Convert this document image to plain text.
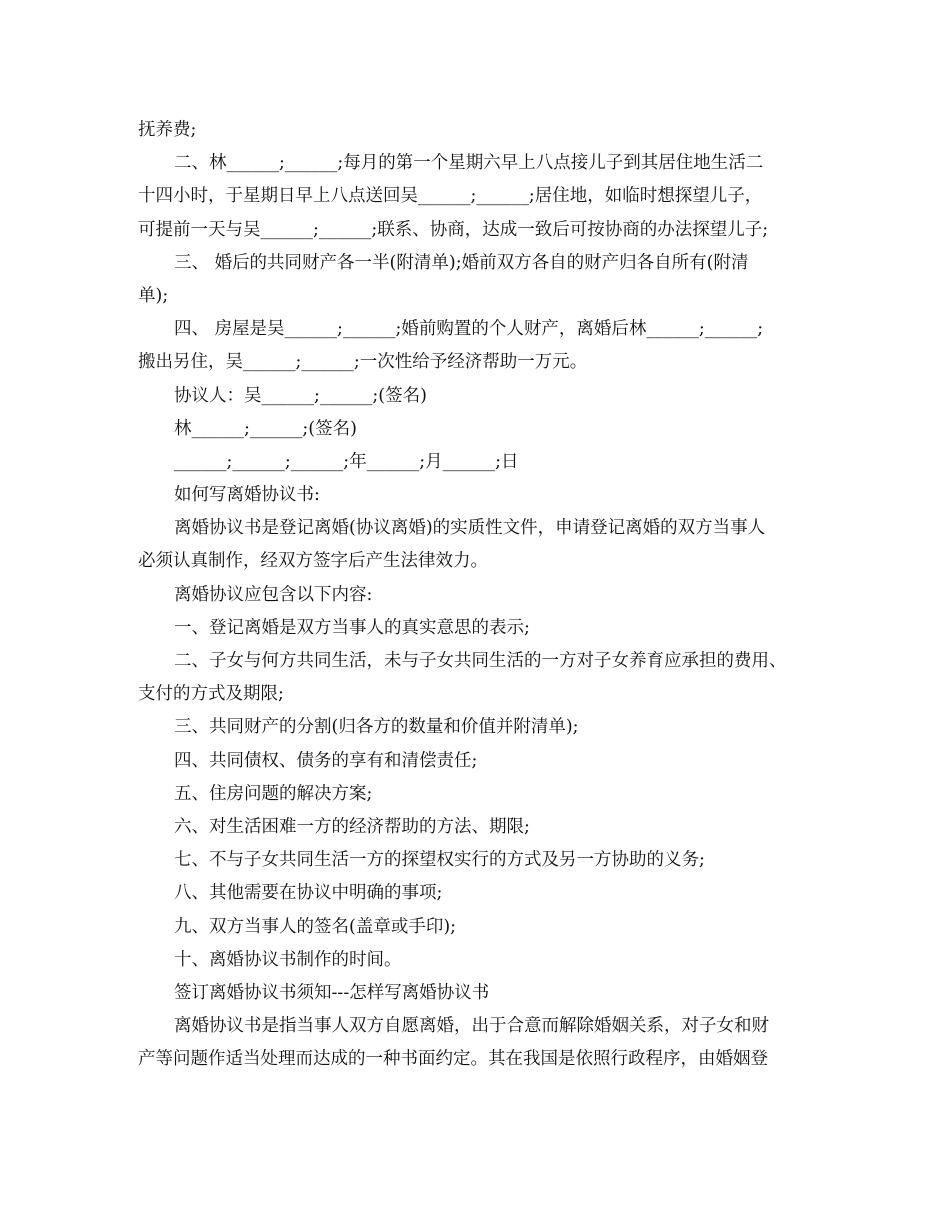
抚养费;
二、林______;______;每月的第一个星期六早上八点接儿子到其居住地生活二
十四小时，于星期日早上八点送回吴______;______;居住地，如临时想探望儿子，
可提前一天与吴______;______;联系、协商，达成一致后可按协商的办法探望儿子;
三、 婚后的共同财产各一半(附清单);婚前双方各自的财产归各自所有(附清
单);
四、 房屋是吴______;______;婚前购置的个人财产，离婚后林______;______;
搬出另住，吴______;______;一次性给予经济帮助一万元。
协议人：吴______;______;(签名)
林______;______;(签名)
______;______;______;年______;月______;日
如何写离婚协议书:
离婚协议书是登记离婚(协议离婚)的实质性文件，申请登记离婚的双方当事人
必须认真制作，经双方签字后产生法律效力。
离婚协议应包含以下内容:
一、登记离婚是双方当事人的真实意思的表示;
二、子女与何方共同生活，未与子女共同生活的一方对子女养育应承担的费用、
支付的方式及期限;
三、共同财产的分割(归各方的数量和价值并附清单);
四、共同债权、债务的享有和清偿责任;
五、住房问题的解决方案;
六、对生活困难一方的经济帮助的方法、期限;
七、不与子女共同生活一方的探望权实行的方式及另一方协助的义务;
八、其他需要在协议中明确的事项;
九、双方当事人的签名(盖章或手印);
十、离婚协议书制作的时间。
签订离婚协议书须知---怎样写离婚协议书
离婚协议书是指当事人双方自愿离婚，出于合意而解除婚姻关系，对子女和财
产等问题作适当处理而达成的一种书面约定。其在我国是依照行政程序，由婚姻登
